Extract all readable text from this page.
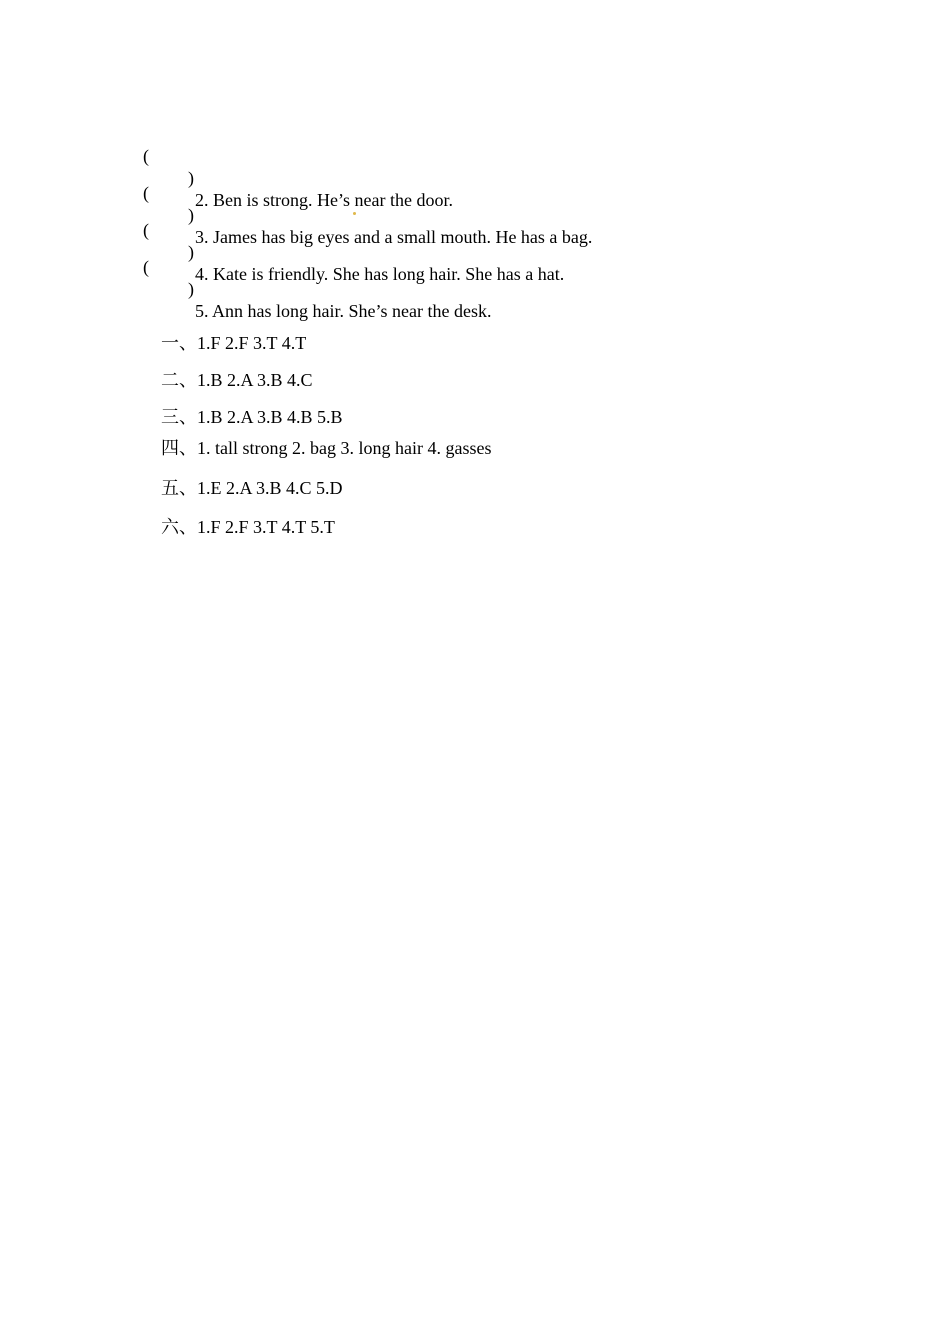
(

)

2. Ben is strong. He’s near the door.

(

)

3. James has big eyes and a small mouth. He has a bag.

(

)

4. Kate is friendly. She has long hair. She has a hat.

(

)

5. Ann has long hair. She’s near the desk.

一、1.F 2.F 3.T 4.T

二、1.B 2.A 3.B 4.C

三、1.B 2.A 3.B 4.B 5.B

四、1. tall strong 2. bag 3. long hair 4. gasses

五、1.E 2.A 3.B 4.C 5.D

六、1.F 2.F 3.T 4.T 5.T
